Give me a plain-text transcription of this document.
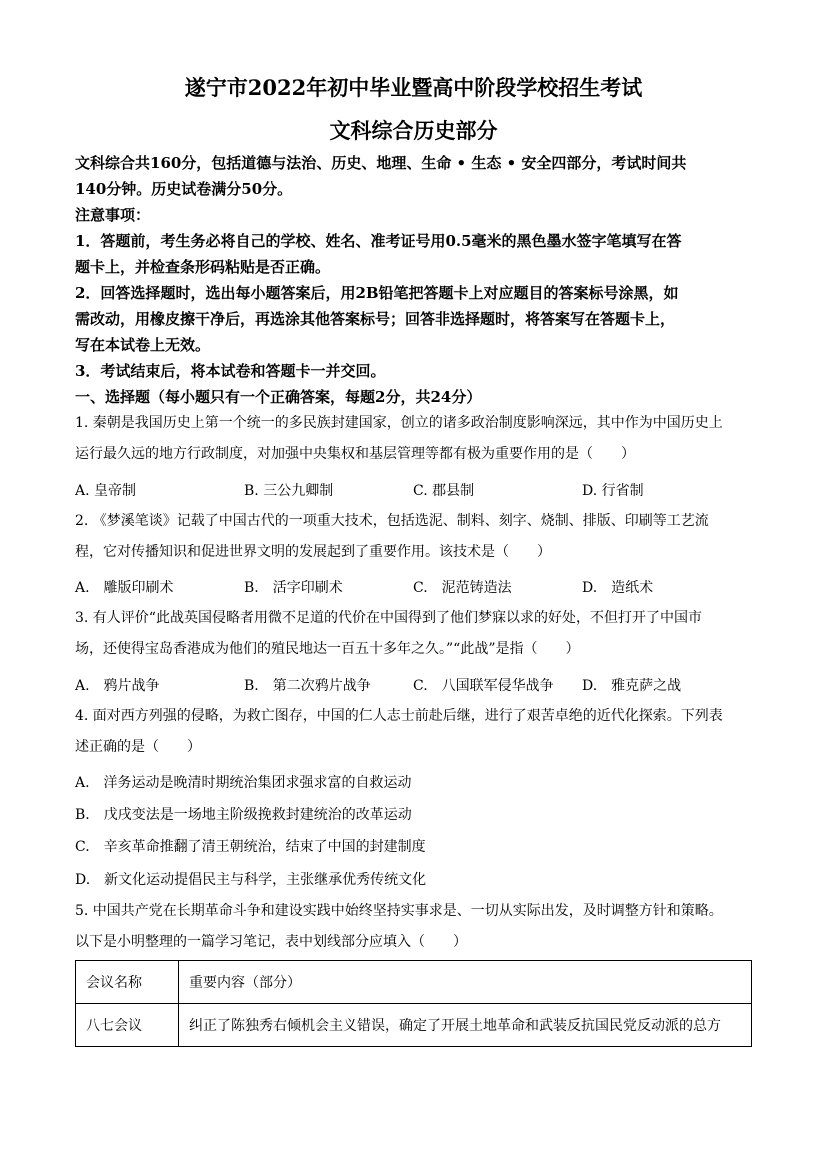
遂宁市2022年初中毕业暨高中阶段学校招生考试
文科综合历史部分
文科综合共160分，包括道德与法治、历史、地理、生命 • 生态 • 安全四部分，考试时间共
140分钟。历史试卷满分50分。
注意事项：
1．答题前，考生务必将自己的学校、姓名、准考证号用0.5毫米的黑色墨水签字笔填写在答
题卡上，并检查条形码粘贴是否正确。
2．回答选择题时，选出每小题答案后，用2B铅笔把答题卡上对应题目的答案标号涂黑，如
需改动，用橡皮擦干净后，再选涂其他答案标号；回答非选择题时，将答案写在答题卡上，
写在本试卷上无效。
3．考试结束后，将本试卷和答题卡一并交回。
一、选择题（每小题只有一个正确答案，每题2分，共24分）
1. 秦朝是我国历史上第一个统一的多民族封建国家，创立的诸多政治制度影响深远，其中作为中国历史上
运行最久远的地方行政制度，对加强中央集权和基层管理等都有极为重要作用的是（　　）
A. 皇帝制	B. 三公九卿制	C. 郡县制	D. 行省制
2. 《梦溪笔谈》记载了中国古代的一项重大技术，包括选泥、制料、刻字、烧制、排版、印刷等工艺流
程，它对传播知识和促进世界文明的发展起到了重要作用。该技术是（　　）
A.　雕版印刷术	B.　活字印刷术	C.　泥范铸造法	D.　造纸术
3. 有人评价“此战英国侵略者用微不足道的代价在中国得到了他们梦寐以求的好处，不但打开了中国市
场，还使得宝岛香港成为他们的殖民地达一百五十多年之久。”“此战”是指（　　）
A.　鸦片战争	B.　第二次鸦片战争	C.　八国联军侵华战争 D.　雅克萨之战
4. 面对西方列强的侵略，为救亡图存，中国的仁人志士前赴后继，进行了艰苦卓绝的近代化探索。下列表
述正确的是（　　）
A.　洋务运动是晚清时期统治集团求强求富的自救运动
B.　戊戌变法是一场地主阶级挽救封建统治的改革运动
C.　辛亥革命推翻了清王朝统治，结束了中国的封建制度
D.　新文化运动提倡民主与科学，主张继承优秀传统文化
5. 中国共产党在长期革命斗争和建设实践中始终坚持实事求是、一切从实际出发，及时调整方针和策略。
以下是小明整理的一篇学习笔记，表中划线部分应填入（　　）
会议名称	重要内容（部分）
八七会议	纠正了陈独秀右倾机会主义错误，确定了开展土地革命和武装反抗国民党反动派的总方
